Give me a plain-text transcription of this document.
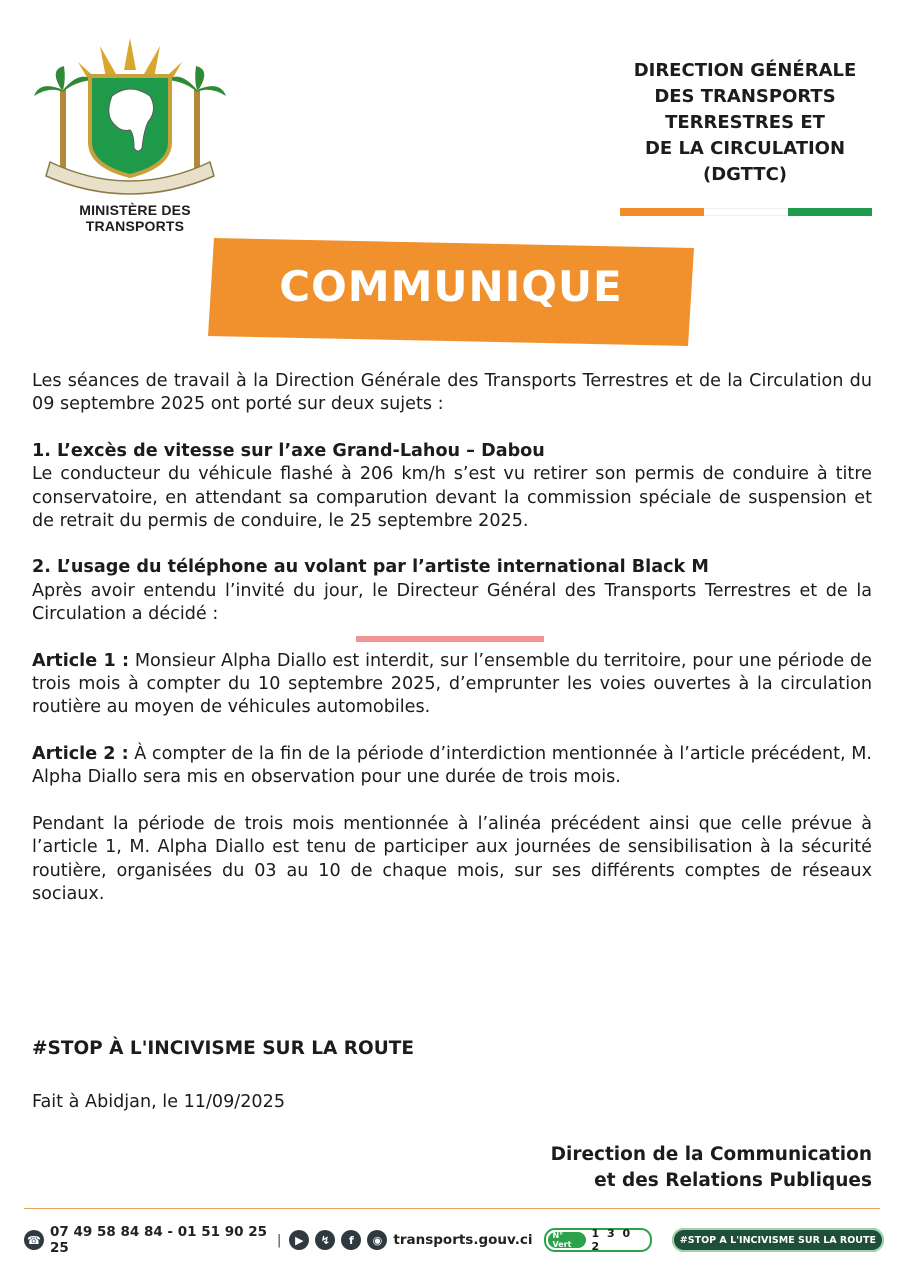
MINISTÈRE DES TRANSPORTS
DIRECTION GÉNÉRALE
DES TRANSPORTS
TERRESTRES ET
DE LA CIRCULATION
(DGTTC)
COMMUNIQUE

Les séances de travail à la Direction Générale des Transports Terrestres et de la Circulation du 09 septembre 2025 ont porté sur deux sujets :

1. L’excès de vitesse sur l’axe Grand-Lahou – Dabou
Le conducteur du véhicule flashé à 206 km/h s’est vu retirer son permis de conduire à titre conservatoire, en attendant sa comparution devant la commission spéciale de suspension et de retrait du permis de conduire, le 25 septembre 2025.

2. L’usage du téléphone au volant par l’artiste international Black M
Après avoir entendu l’invité du jour, le Directeur Général des Transports Terrestres et de la Circulation a décidé :

Article 1 : Monsieur Alpha Diallo est interdit, sur l’ensemble du territoire, pour une période de trois mois à compter du 10 septembre 2025, d’emprunter les voies ouvertes à la circulation routière au moyen de véhicules automobiles.

Article 2 : À compter de la fin de la période d’interdiction mentionnée à l’article précédent, M. Alpha Diallo sera mis en observation pour une durée de trois mois.

Pendant la période de trois mois mentionnée à l’alinéa précédent ainsi que celle prévue à l’article 1, M. Alpha Diallo est tenu de participer aux journées de sensibilisation à la sécurité routière, organisées du 03 au 10 de chaque mois, sur ses différents comptes de réseaux sociaux.

#STOP À L'INCIVISME SUR LA ROUTE
Fait à Abidjan, le 11/09/2025
Direction de la Communication
et des Relations Publiques
☎ 07 49 58 84 84 - 01 51 90 25 25	|	▶	↯	f	◉ transports.gouv.ci	N° Vert
1 3 0 2	#STOP A L'INCIVISME SUR LA ROUTE
